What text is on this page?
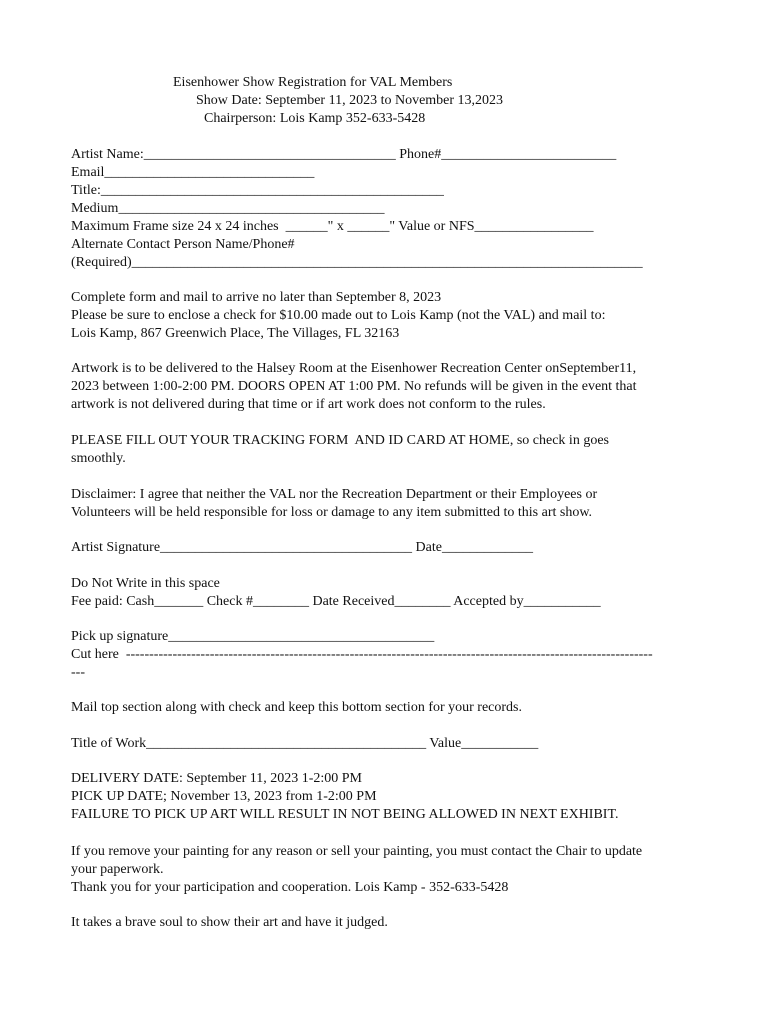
Eisenhower Show Registration for VAL Members
Show Date: September 11, 2023 to November 13,2023
Chairperson: Lois Kamp 352-633-5428
Artist Name:____________________________________ Phone#_________________________
Email______________________________
Title:_________________________________________________
Medium______________________________________
Maximum Frame size 24 x 24 inches  ______" x ______" Value or NFS_________________
Alternate Contact Person Name/Phone#
(Required)_________________________________________________________________________
Complete form and mail to arrive no later than September 8, 2023
Please be sure to enclose a check for $10.00 made out to Lois Kamp (not the VAL) and mail to:
Lois Kamp, 867 Greenwich Place, The Villages, FL 32163
Artwork is to be delivered to the Halsey Room at the Eisenhower Recreation Center onSeptember11,
2023 between 1:00-2:00 PM. DOORS OPEN AT 1:00 PM. No refunds will be given in the event that
artwork is not delivered during that time or if art work does not conform to the rules.
PLEASE FILL OUT YOUR TRACKING FORM  AND ID CARD AT HOME, so check in goes
smoothly.
Disclaimer: I agree that neither the VAL nor the Recreation Department or their Employees or
Volunteers will be held responsible for loss or damage to any item submitted to this art show.
Artist Signature____________________________________ Date_____________
Do Not Write in this space
Fee paid: Cash_______ Check #________ Date Received________ Accepted by___________
Pick up signature______________________________________
Cut here  -----------------------------------------------------------------------------------------------------------------
---
Mail top section along with check and keep this bottom section for your records.
Title of Work________________________________________ Value___________
DELIVERY DATE: September 11, 2023 1-2:00 PM
PICK UP DATE; November 13, 2023 from 1-2:00 PM
FAILURE TO PICK UP ART WILL RESULT IN NOT BEING ALLOWED IN NEXT EXHIBIT.
If you remove your painting for any reason or sell your painting, you must contact the Chair to update
your paperwork.
Thank you for your participation and cooperation. Lois Kamp - 352-633-5428
It takes a brave soul to show their art and have it judged.
